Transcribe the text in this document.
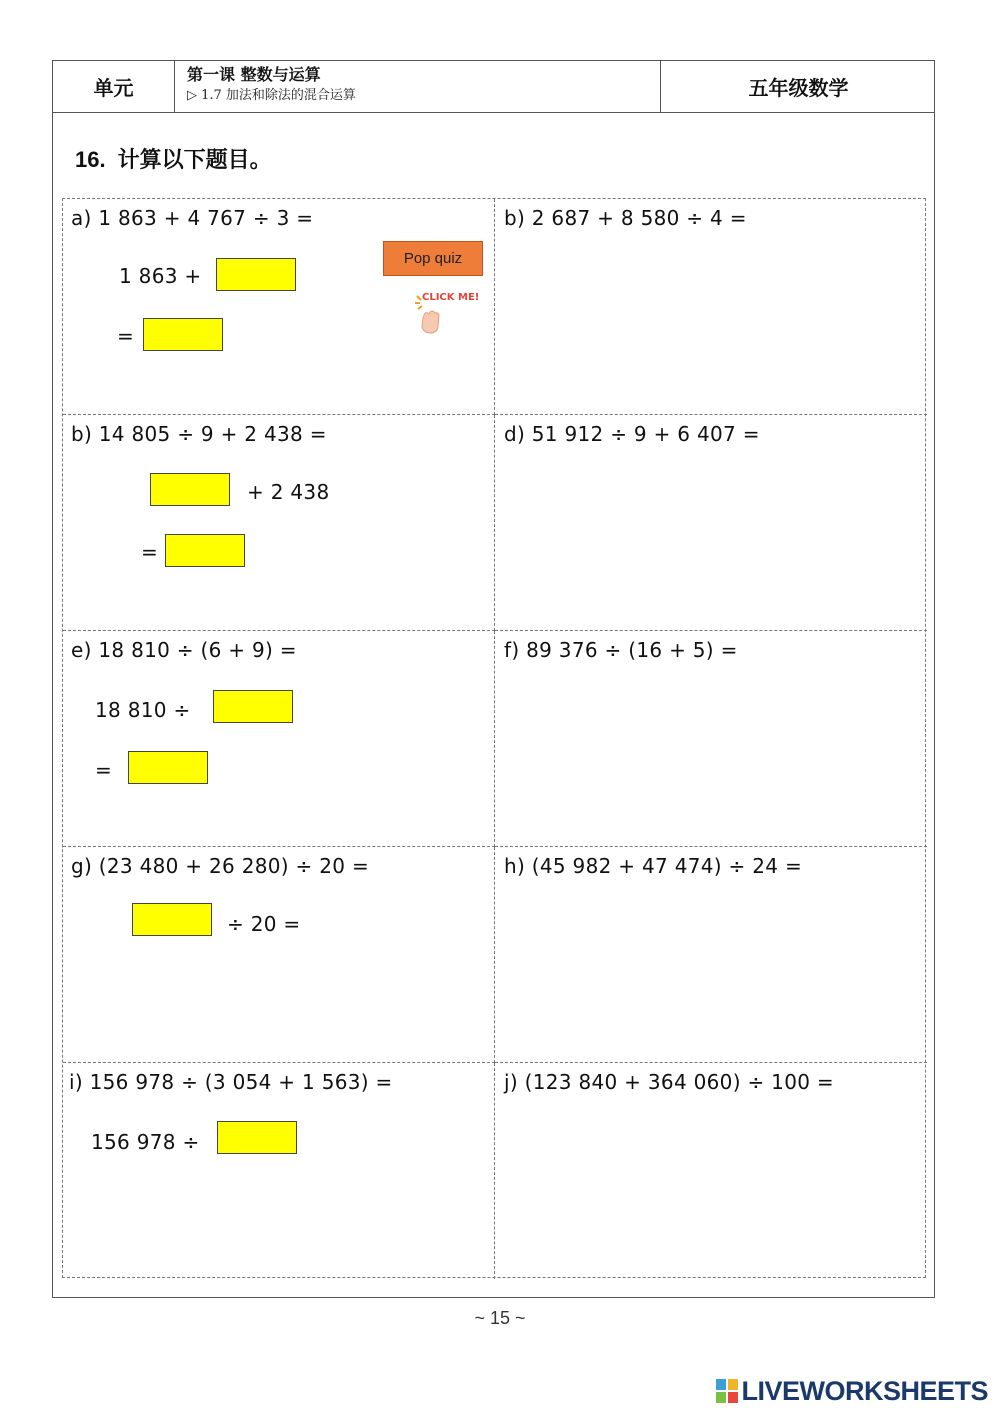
单元
第一课 整数与运算
▷ 1.7 加法和除法的混合运算	五年级数学
16. 计算以下题目。
a) 1 863 + 4 767 ÷ 3 =
1 863 +
=
b) 2 687 + 8 580 ÷ 4 =
b) 14 805 ÷ 9 + 2 438 =
+ 2 438
=
d) 51 912 ÷ 9 + 6 407 =
e) 18 810 ÷ (6 + 9) =
18 810 ÷
=
f) 89 376 ÷ (16 + 5) =
g) (23 480 + 26 280) ÷ 20 =
÷ 20 =
h) (45 982 + 47 474) ÷ 24 =
i) 156 978 ÷ (3 054 + 1 563) =
156 978 ÷
j) (123 840 + 364 060) ÷ 100 =
Pop quiz
CLICK ME!
~ 15 ~
LIVEWORKSHEETS
